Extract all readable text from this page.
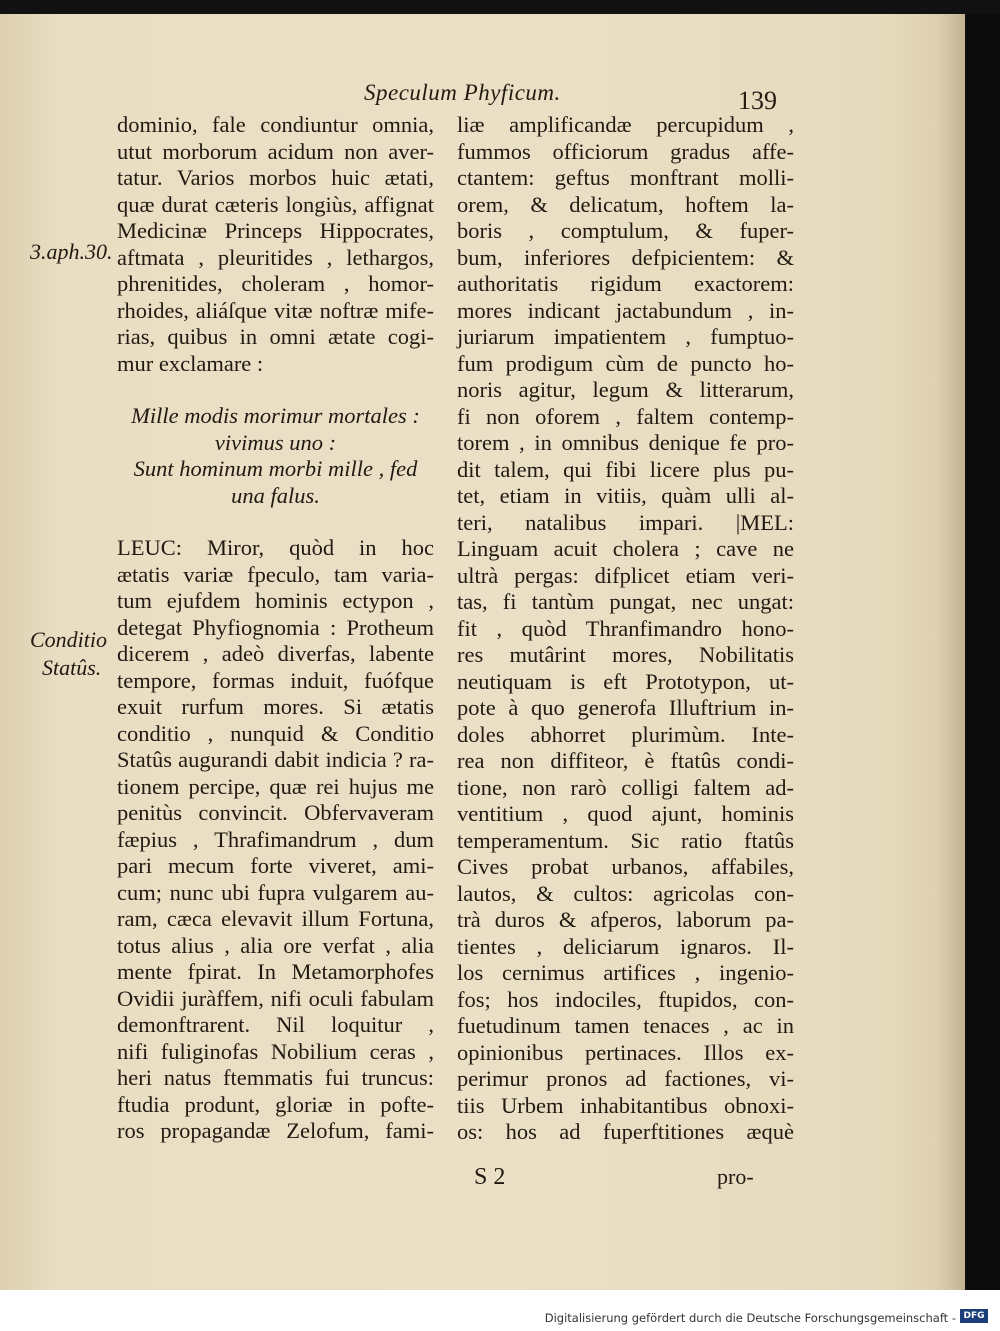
Speculum Phyficum.	139
3.aph.30.
Conditio
Statûs.
dominio, fale condiuntur omnia,
utut morborum acidum non aver-
tatur. Varios morbos huic ætati,
quæ durat cæteris longiùs, affignat
Medicinæ Princeps Hippocrates,
aftmata , pleuritides , lethargos,
phrenitides, choleram , homor-
rhoides, aliáſque vitæ noftræ mife-
rias, quibus in omni ætate cogi-
mur exclamare :
Mille modis morimur mortales :
vivimus uno :
Sunt hominum morbi mille , fed
una falus.
LEUC: Miror, quòd in hoc
ætatis variæ fpeculo, tam varia-
tum ejufdem hominis ectypon ,
detegat Phyfiognomia : Protheum
dicerem , adeò diverfas, labente
tempore, formas induit, fuófque
exuit rurfum mores. Si ætatis
conditio , nunquid & Conditio
Statûs augurandi dabit indicia ? ra-
tionem percipe, quæ rei hujus me
penitùs convincit. Obfervaveram
fæpius , Thrafimandrum , dum
pari mecum forte viveret, ami-
cum; nunc ubi fupra vulgarem au-
ram, cæca elevavit illum Fortuna,
totus alius , alia ore verfat , alia
mente fpirat. In Metamorphofes
Ovidii juràffem, nifi oculi fabulam
demonftrarent. Nil loquitur ,
nifi fuliginofas Nobilium ceras ,
heri natus ftemmatis fui truncus:
ftudia produnt, gloriæ in pofte-
ros propagandæ Zelofum, fami-
liæ amplificandæ percupidum ,
fummos officiorum gradus affe-
ctantem: geftus monftrant molli-
orem, & delicatum, hoftem la-
boris , comptulum, & fuper-
bum, inferiores defpicientem: &
authoritatis rigidum exactorem:
mores indicant jactabundum , in-
juriarum impatientem , fumptuo-
fum prodigum cùm de puncto ho-
noris agitur, legum & litterarum,
fi non oforem , faltem contemp-
torem , in omnibus denique fe pro-
dit talem, qui fibi licere plus pu-
tet, etiam in vitiis, quàm ulli al-
teri, natalibus impari. |MEL:
Linguam acuit cholera ; cave ne
ultrà pergas: difplicet etiam veri-
tas, fi tantùm pungat, nec ungat:
fit , quòd Thranfimandro hono-
res mutârint mores, Nobilitatis
neutiquam is eft Prototypon, ut-
pote à quo generofa Illuftrium in-
doles abhorret plurimùm. Inte-
rea non diffiteor, è ftatûs condi-
tione, non rarò colligi faltem ad-
ventitium , quod ajunt, hominis
temperamentum. Sic ratio ftatûs
Cives probat urbanos, affabiles,
lautos, & cultos: agricolas con-
trà duros & afperos, laborum pa-
tientes , deliciarum ignaros. Il-
los cernimus artifices , ingenio-
fos; hos indociles, ftupidos, con-
fuetudinum tamen tenaces , ac in
opinionibus pertinaces. Illos ex-
perimur pronos ad factiones, vi-
tiis Urbem inhabitantibus obnoxi-
os: hos ad fuperftitiones æquè
S 2	pro-
Digitalisierung gefördert durch die Deutsche Forschungsgemeinschaft - DFG
